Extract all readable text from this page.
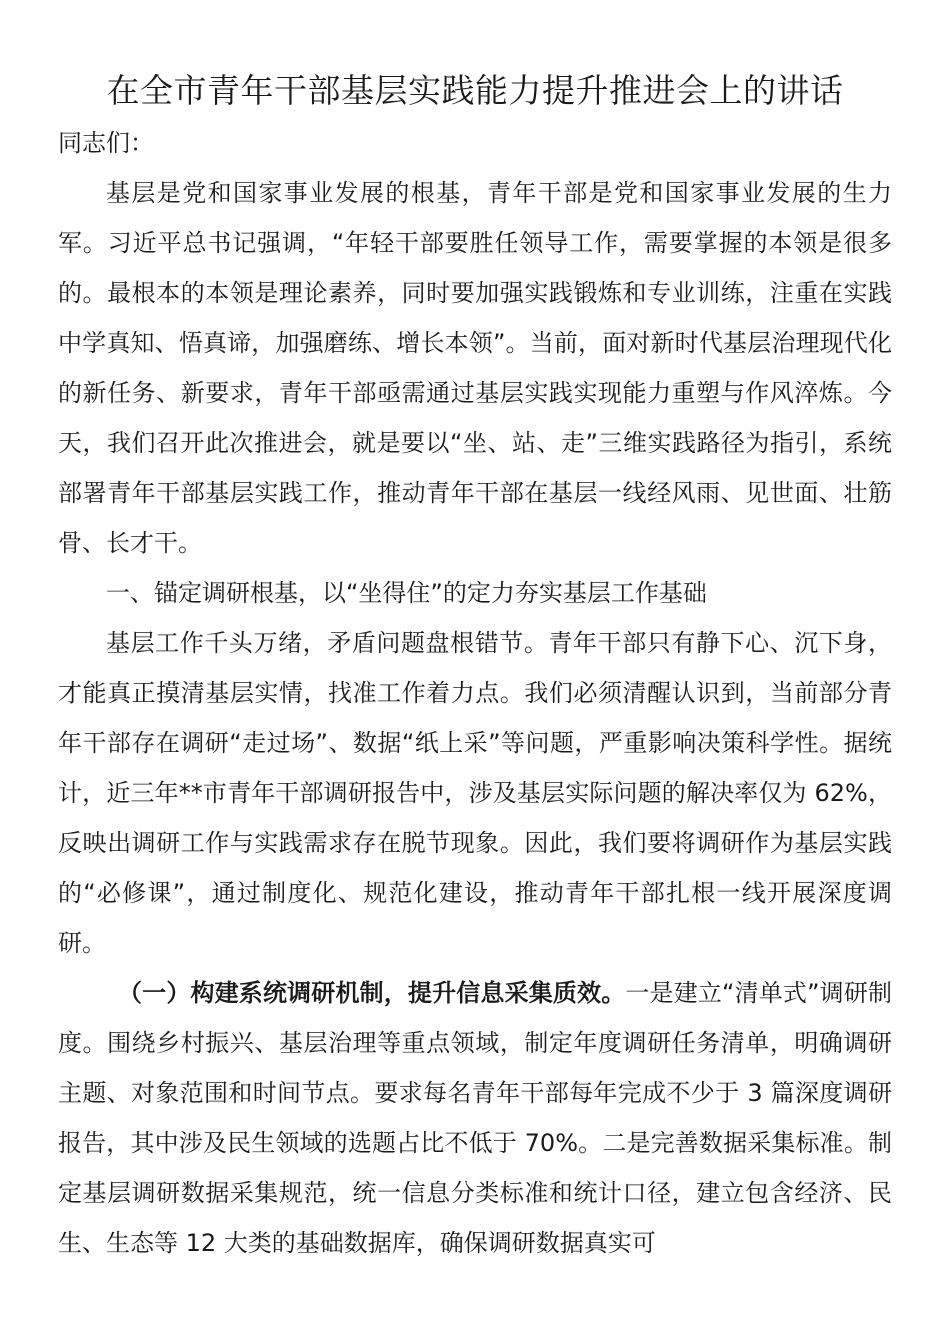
在全市青年干部基层实践能力提升推进会上的讲话

同志们：

基层是党和国家事业发展的根基，青年干部是党和国家事业发展的生力军。习近平总书记强调，“年轻干部要胜任领导工作，需要掌握的本领是很多的。最根本的本领是理论素养，同时要加强实践锻炼和专业训练，注重在实践中学真知、悟真谛，加强磨练、增长本领”。当前，面对新时代基层治理现代化的新任务、新要求，青年干部亟需通过基层实践实现能力重塑与作风淬炼。今天，我们召开此次推进会，就是要以“坐、站、走”三维实践路径为指引，系统部署青年干部基层实践工作，推动青年干部在基层一线经风雨、见世面、壮筋骨、长才干。

一、锚定调研根基，以“坐得住”的定力夯实基层工作基础

基层工作千头万绪，矛盾问题盘根错节。青年干部只有静下心、沉下身，才能真正摸清基层实情，找准工作着力点。我们必须清醒认识到，当前部分青年干部存在调研“走过场”、数据“纸上采”等问题，严重影响决策科学性。据统计，近三年**市青年干部调研报告中，涉及基层实际问题的解决率仅为 62%，反映出调研工作与实践需求存在脱节现象。因此，我们要将调研作为基层实践的“必修课”，通过制度化、规范化建设，推动青年干部扎根一线开展深度调研。

（一）构建系统调研机制，提升信息采集质效。一是建立“清单式”调研制度。围绕乡村振兴、基层治理等重点领域，制定年度调研任务清单，明确调研主题、对象范围和时间节点。要求每名青年干部每年完成不少于 3 篇深度调研报告，其中涉及民生领域的选题占比不低于 70%。二是完善数据采集标准。制定基层调研数据采集规范，统一信息分类标准和统计口径，建立包含经济、民生、生态等 12 大类的基础数据库，确保调研数据真实可
